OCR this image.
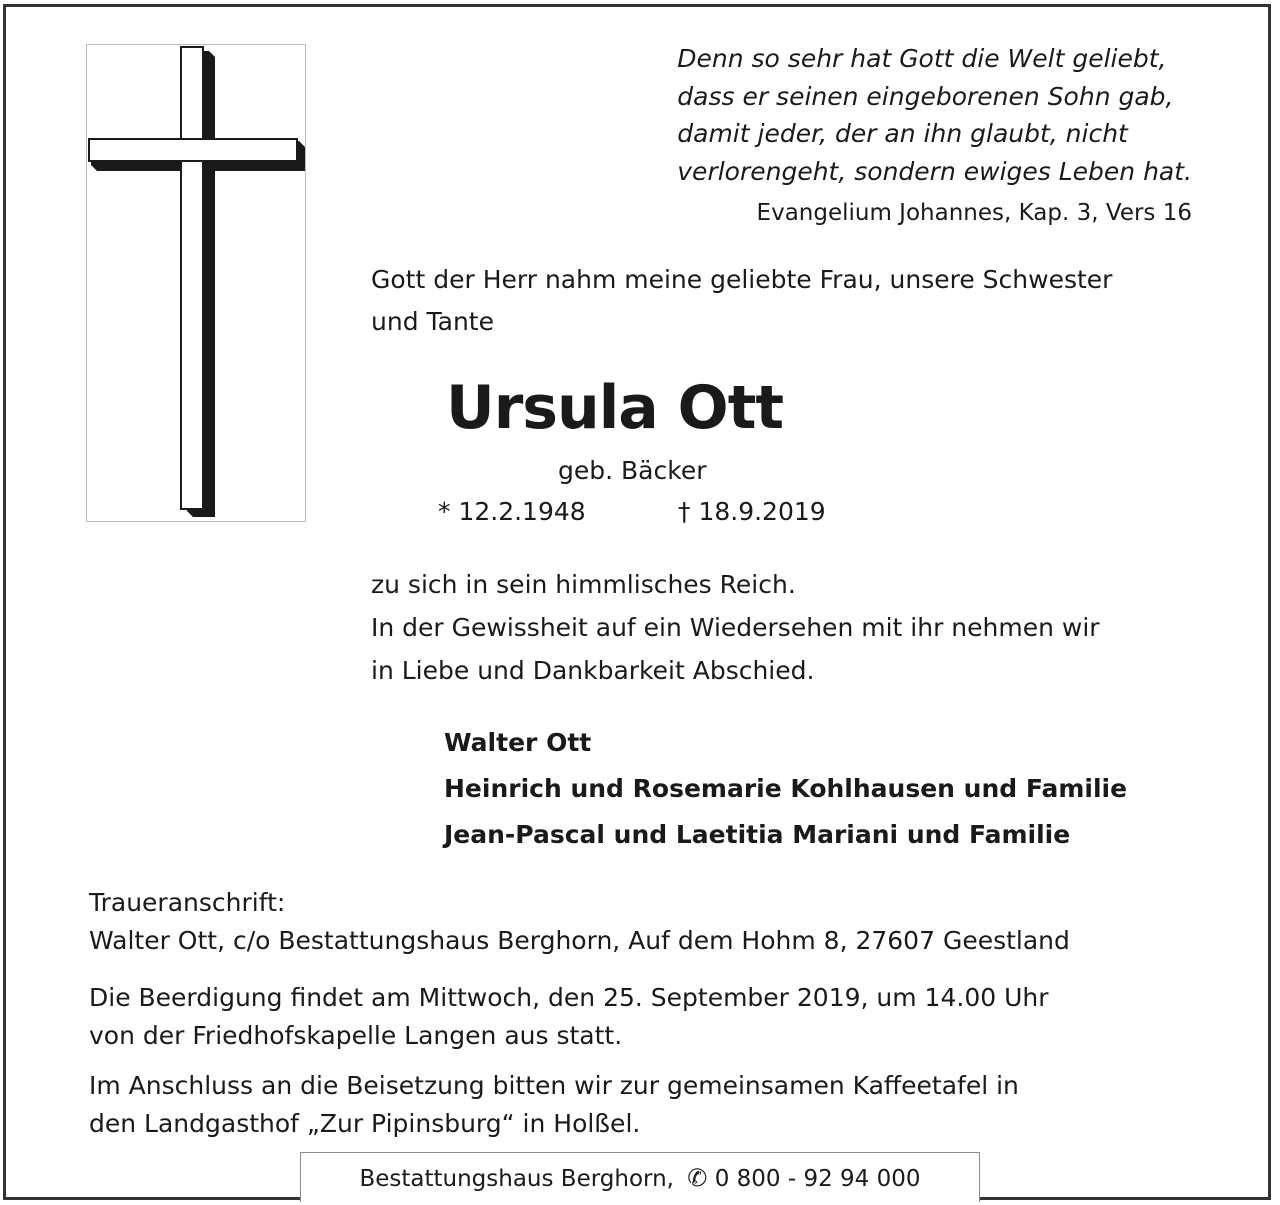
Denn so sehr hat Gott die Welt geliebt,
dass er seinen eingeborenen Sohn gab,
damit jeder, der an ihn glaubt, nicht
verlorengeht, sondern ewiges Leben hat.
Evangelium Johannes, Kap. 3, Vers 16
Gott der Herr nahm meine geliebte Frau, unsere Schwester
und Tante
Ursula Ott
geb. Bäcker
* 12.2.1948	† 18.9.2019
zu sich in sein himmlisches Reich.
In der Gewissheit auf ein Wiedersehen mit ihr nehmen wir
in Liebe und Dankbarkeit Abschied.
Walter Ott
Heinrich und Rosemarie Kohlhausen und Familie
Jean-Pascal und Laetitia Mariani und Familie
Traueranschrift:
Walter Ott, c/o Bestattungshaus Berghorn, Auf dem Hohm 8, 27607 Geestland
Die Beerdigung findet am Mittwoch, den 25. September 2019, um 14.00 Uhr
von der Friedhofskapelle Langen aus statt.
Im Anschluss an die Beisetzung bitten wir zur gemeinsamen Kaffeetafel in
den Landgasthof „Zur Pipinsburg“ in Holßel.
Bestattungshaus Berghorn, ✆ 0 800 - 92 94 000
